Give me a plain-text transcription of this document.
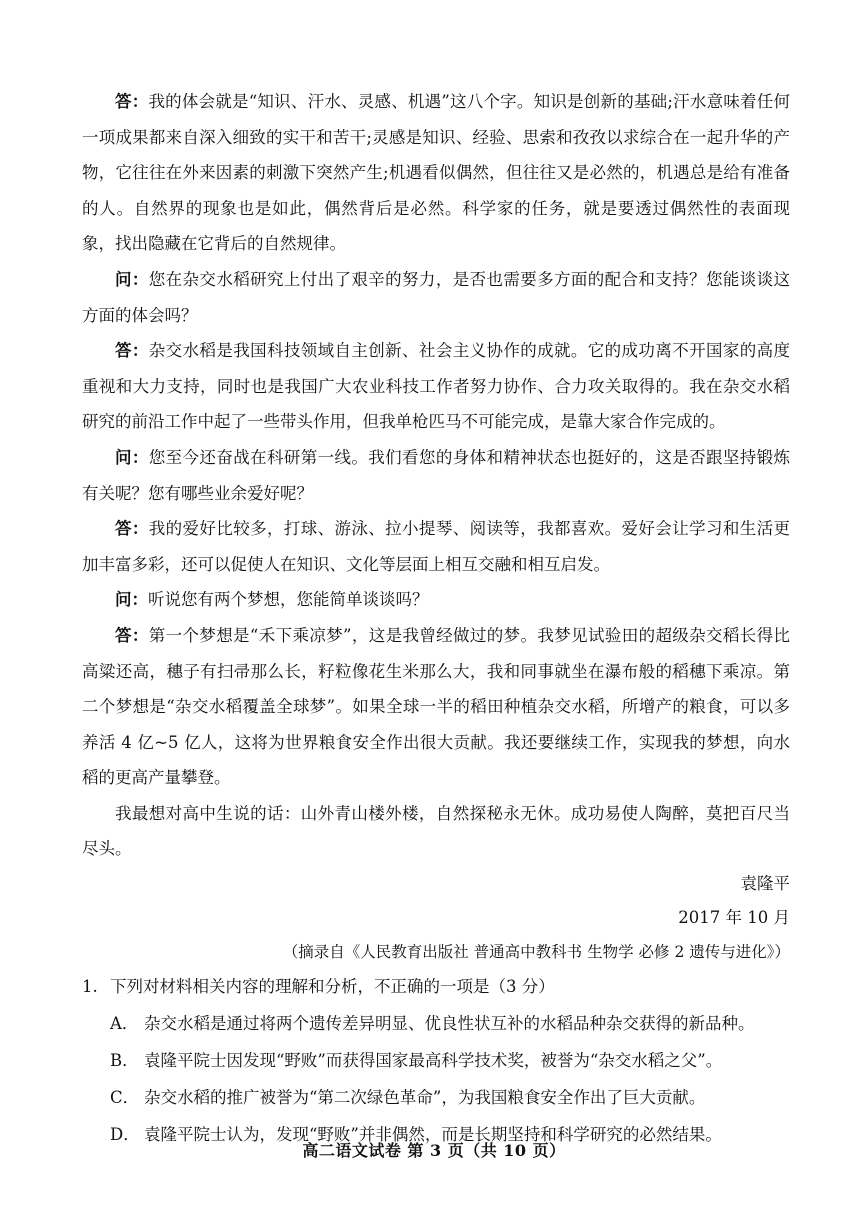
答：我的体会就是“知识、汗水、灵感、机遇”这八个字。知识是创新的基础;汗水意味着任何一项成果都来自深入细致的实干和苦干;灵感是知识、经验、思索和孜孜以求综合在一起升华的产物，它往往在外来因素的刺激下突然产生;机遇看似偶然，但往往又是必然的，机遇总是给有准备的人。自然界的现象也是如此，偶然背后是必然。科学家的任务，就是要透过偶然性的表面现象，找出隐藏在它背后的自然规律。

问：您在杂交水稻研究上付出了艰辛的努力，是否也需要多方面的配合和支持？您能谈谈这方面的体会吗？

答：杂交水稻是我国科技领域自主创新、社会主义协作的成就。它的成功离不开国家的高度重视和大力支持，同时也是我国广大农业科技工作者努力协作、合力攻关取得的。我在杂交水稻研究的前沿工作中起了一些带头作用，但我单枪匹马不可能完成，是靠大家合作完成的。

问：您至今还奋战在科研第一线。我们看您的身体和精神状态也挺好的，这是否跟坚持锻炼有关呢？您有哪些业余爱好呢？

答：我的爱好比较多，打球、游泳、拉小提琴、阅读等，我都喜欢。爱好会让学习和生活更加丰富多彩，还可以促使人在知识、文化等层面上相互交融和相互启发。

问：听说您有两个梦想，您能简单谈谈吗？

答：第一个梦想是“禾下乘凉梦”，这是我曾经做过的梦。我梦见试验田的超级杂交稻长得比高粱还高，穗子有扫帚那么长，籽粒像花生米那么大，我和同事就坐在瀑布般的稻穗下乘凉。第二个梦想是“杂交水稻覆盖全球梦”。如果全球一半的稻田种植杂交水稻，所增产的粮食，可以多养活 4 亿~5 亿人，这将为世界粮食安全作出很大贡献。我还要继续工作，实现我的梦想，向水稻的更高产量攀登。

我最想对高中生说的话：山外青山楼外楼，自然探秘永无休。成功易使人陶醉，莫把百尺当尽头。

袁隆平

2017 年 10 月

（摘录自《人民教育出版社 普通高中教科书 生物学 必修 2 遗传与进化》）

1. 下列对材料相关内容的理解和分析，不正确的一项是（3 分）
A． 杂交水稻是通过将两个遗传差异明显、优良性状互补的水稻品种杂交获得的新品种。
B． 袁隆平院士因发现“野败”而获得国家最高科学技术奖，被誉为“杂交水稻之父”。
C． 杂交水稻的推广被誉为“第二次绿色革命”，为我国粮食安全作出了巨大贡献。
D． 袁隆平院士认为，发现“野败”并非偶然，而是长期坚持和科学研究的必然结果。
高二语文试卷 第 3 页（共 10 页）
